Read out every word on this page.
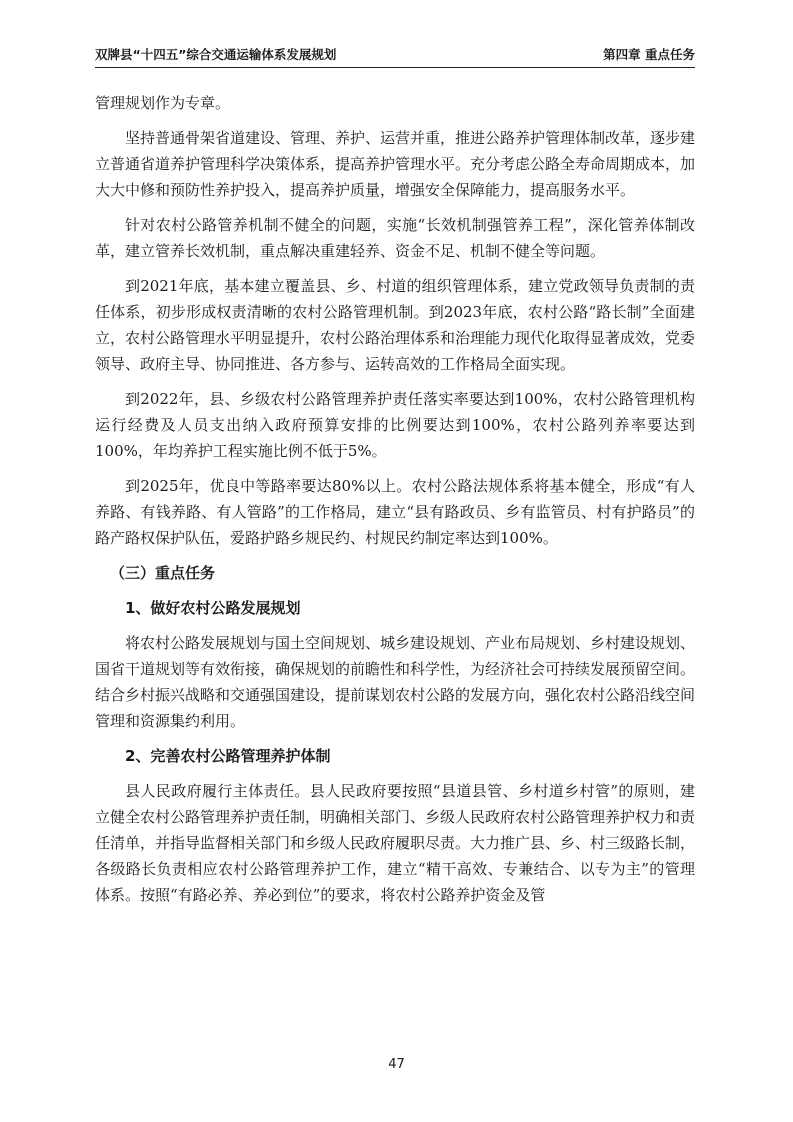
双牌县“十四五”综合交通运输体系发展规划	第四章 重点任务

管理规划作为专章。

坚持普通骨架省道建设、管理、养护、运营并重，推进公路养护管理体制改革，逐步建立普通省道养护管理科学决策体系，提高养护管理水平。充分考虑公路全寿命周期成本，加大大中修和预防性养护投入，提高养护质量，增强安全保障能力，提高服务水平。

针对农村公路管养机制不健全的问题，实施“长效机制强管养工程”，深化管养体制改革，建立管养长效机制，重点解决重建轻养、资金不足、机制不健全等问题。

到2021年底，基本建立覆盖县、乡、村道的组织管理体系，建立党政领导负责制的责任体系，初步形成权责清晰的农村公路管理机制。到2023年底，农村公路“路长制”全面建立，农村公路管理水平明显提升，农村公路治理体系和治理能力现代化取得显著成效，党委领导、政府主导、协同推进、各方参与、运转高效的工作格局全面实现。

到2022年，县、乡级农村公路管理养护责任落实率要达到100%，农村公路管理机构运行经费及人员支出纳入政府预算安排的比例要达到100%，农村公路列养率要达到100%，年均养护工程实施比例不低于5%。

到2025年，优良中等路率要达80%以上。农村公路法规体系将基本健全，形成“有人养路、有钱养路、有人管路”的工作格局，建立“县有路政员、乡有监管员、村有护路员”的路产路权保护队伍，爱路护路乡规民约、村规民约制定率达到100%。

（三）重点任务
1、做好农村公路发展规划

将农村公路发展规划与国土空间规划、城乡建设规划、产业布局规划、乡村建设规划、国省干道规划等有效衔接，确保规划的前瞻性和科学性，为经济社会可持续发展预留空间。结合乡村振兴战略和交通强国建设，提前谋划农村公路的发展方向，强化农村公路沿线空间管理和资源集约利用。

2、完善农村公路管理养护体制

县人民政府履行主体责任。县人民政府要按照“县道县管、乡村道乡村管”的原则，建立健全农村公路管理养护责任制，明确相关部门、乡级人民政府农村公路管理养护权力和责任清单，并指导监督相关部门和乡级人民政府履职尽责。大力推广县、乡、村三级路长制，各级路长负责相应农村公路管理养护工作，建立“精干高效、专兼结合、以专为主”的管理体系。按照“有路必养、养必到位”的要求，将农村公路养护资金及管

47
